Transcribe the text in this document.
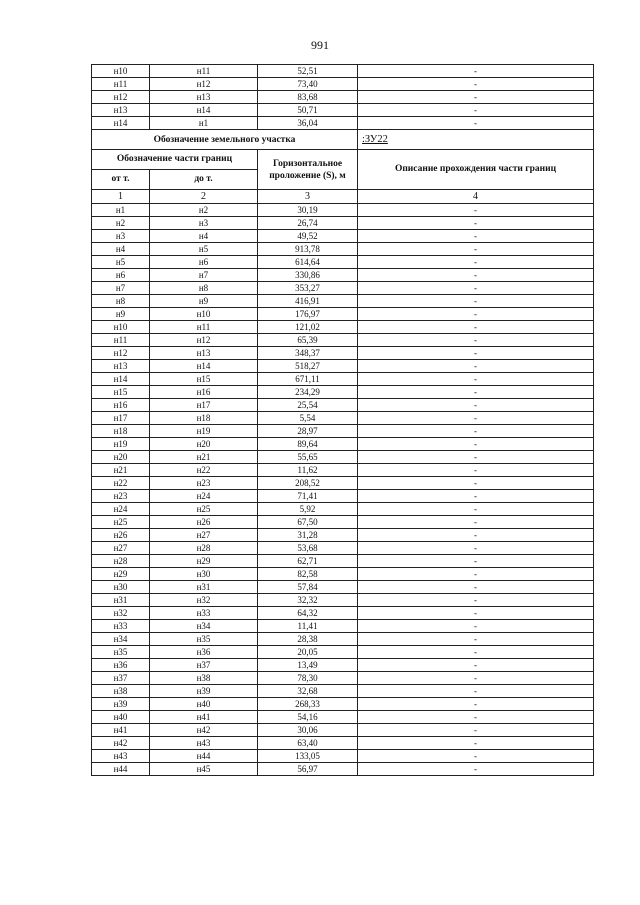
991
н10	н11	52,51	-
н11	н12	73,40	-
н12	н13	83,68	-
н13	н14	50,71	-
н14	н1	36,04	-
Обозначение земельного участка			:ЗУ22
Обозначение части границ		Горизонтальное проложение (S), м	Описание прохождения части границ
от т.	до т.		
1	2	3	4
н1	н2	30,19	-
н2	н3	26,74	-
н3	н4	49,52	-
н4	н5	913,78	-
н5	н6	614,64	-
н6	н7	330,86	-
н7	н8	353,27	-
н8	н9	416,91	-
н9	н10	176,97	-
н10	н11	121,02	-
н11	н12	65,39	-
н12	н13	348,37	-
н13	н14	518,27	-
н14	н15	671,11	-
н15	н16	234,29	-
н16	н17	25,54	-
н17	н18	5,54	-
н18	н19	28,97	-
н19	н20	89,64	-
н20	н21	55,65	-
н21	н22	11,62	-
н22	н23	208,52	-
н23	н24	71,41	-
н24	н25	5,92	-
н25	н26	67,50	-
н26	н27	31,28	-
н27	н28	53,68	-
н28	н29	62,71	-
н29	н30	82,58	-
н30	н31	57,84	-
н31	н32	32,32	-
н32	н33	64,32	-
н33	н34	11,41	-
н34	н35	28,38	-
н35	н36	20,05	-
н36	н37	13,49	-
н37	н38	78,30	-
н38	н39	32,68	-
н39	н40	268,33	-
н40	н41	54,16	-
н41	н42	30,06	-
н42	н43	63,40	-
н43	н44	133,05	-
н44	н45	56,97	-
